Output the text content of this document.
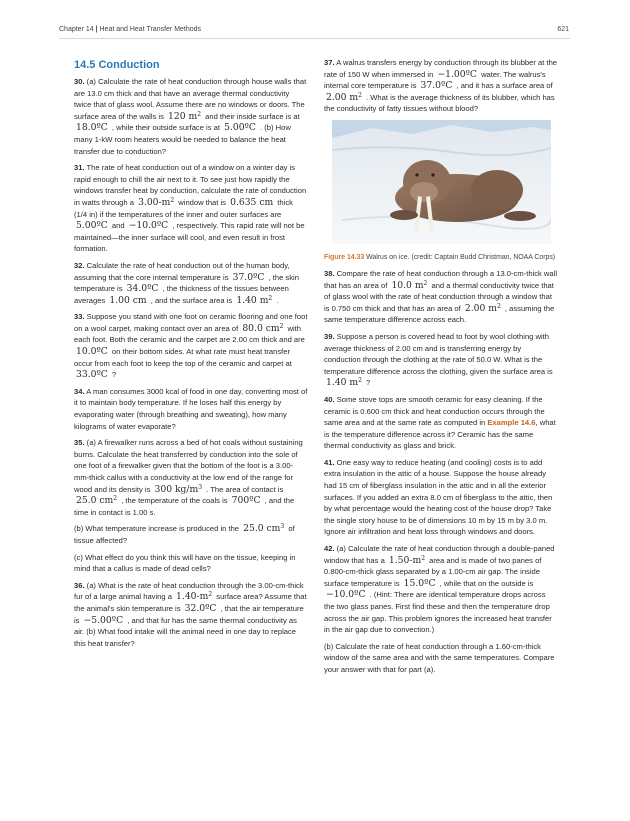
Chapter 14 | Heat and Heat Transfer Methods	621
14.5 Conduction
30. (a) Calculate the rate of heat conduction through house walls that are 13.0 cm thick and that have an average thermal conductivity twice that of glass wool. Assume there are no windows or doors. The surface area of the walls is 120 $m^2$ and their inside surface is at 18.0ºC , while their outside surface is at 5.00ºC . (b) How many 1-kW room heaters would be needed to balance the heat transfer due to conduction?
31. The rate of heat conduction out of a window on a winter day is rapid enough to chill the air next to it. To see just how rapidly the windows transfer heat by conduction, calculate the rate of conduction in watts through a $3.00-m^2$ window that is 0.635 cm thick (1/4 in) if the temperatures of the inner and outer surfaces are 5.00ºC and −10.0ºC , respectively. This rapid rate will not be maintained—the inner surface will cool, and even result in frost formation.
32. Calculate the rate of heat conduction out of the human body, assuming that the core internal temperature is 37.0ºC , the skin temperature is 34.0ºC , the thickness of the tissues between averages 1.00 cm , and the surface area is 1.40 $m^2$ .
33. Suppose you stand with one foot on ceramic flooring and one foot on a wool carpet, making contact over an area of 80.0 $cm^2$ with each foot. Both the ceramic and the carpet are 2.00 cm thick and are 10.0ºC on their bottom sides. At what rate must heat transfer occur from each foot to keep the top of the ceramic and carpet at 33.0ºC ?
34. A man consumes 3000 kcal of food in one day, converting most of it to maintain body temperature. If he loses half this energy by evaporating water (through breathing and sweating), how many kilograms of water evaporate?
35. (a) A firewalker runs across a bed of hot coals without sustaining burns. Calculate the heat transferred by conduction into the sole of one foot of a firewalker given that the bottom of the foot is a 3.00-mm-thick callus with a conductivity at the low end of the range for wood and its density is 300 $kg/m^3$ . The area of contact is 25.0 $cm^2$ , the temperature of the coals is 700ºC , and the time in contact is 1.00 s.
(b) What temperature increase is produced in the 25.0 $cm^3$ of tissue affected?
(c) What effect do you think this will have on the tissue, keeping in mind that a callus is made of dead cells?
36. (a) What is the rate of heat conduction through the 3.00-cm-thick fur of a large animal having a $1.40-m^2$ surface area? Assume that the animal's skin temperature is 32.0ºC , that the air temperature is −5.00ºC , and that fur has the same thermal conductivity as air. (b) What food intake will the animal need in one day to replace this heat transfer?
37. A walrus transfers energy by conduction through its blubber at the rate of 150 W when immersed in −1.00ºC water. The walrus's internal core temperature is 37.0ºC , and it has a surface area of 2.00 $m^2$ . What is the average thickness of its blubber, which has the conductivity of fatty tissues without blood?
Figure 14.33 Walrus on ice. (credit: Captain Budd Christman, NOAA Corps)
38. Compare the rate of heat conduction through a 13.0-cm-thick wall that has an area of 10.0 $m^2$ and a thermal conductivity twice that of glass wool with the rate of heat conduction through a window that is 0.750 cm thick and that has an area of 2.00 $m^2$ , assuming the same temperature difference across each.
39. Suppose a person is covered head to foot by wool clothing with average thickness of 2.00 cm and is transferring energy by conduction through the clothing at the rate of 50.0 W. What is the temperature difference across the clothing, given the surface area is 1.40 $m^2$ ?
40. Some stove tops are smooth ceramic for easy cleaning. If the ceramic is 0.600 cm thick and heat conduction occurs through the same area and at the same rate as computed in Example 14.6, what is the temperature difference across it? Ceramic has the same thermal conductivity as glass and brick.
41. One easy way to reduce heating (and cooling) costs is to add extra insulation in the attic of a house. Suppose the house already had 15 cm of fiberglass insulation in the attic and in all the exterior surfaces. If you added an extra 8.0 cm of fiberglass to the attic, then by what percentage would the heating cost of the house drop? Take the single story house to be of dimensions 10 m by 15 m by 3.0 m. Ignore air infiltration and heat loss through windows and doors.
42. (a) Calculate the rate of heat conduction through a double-paned window that has a $1.50-m^2$ area and is made of two panes of 0.800-cm-thick glass separated by a 1.00-cm air gap. The inside surface temperature is 15.0ºC , while that on the outside is −10.0ºC . (Hint: There are identical temperature drops across the two glass panes. First find these and then the temperature drop across the air gap. This problem ignores the increased heat transfer in the air gap due to convection.)
(b) Calculate the rate of heat conduction through a 1.60-cm-thick window of the same area and with the same temperatures. Compare your answer with that for part (a).
